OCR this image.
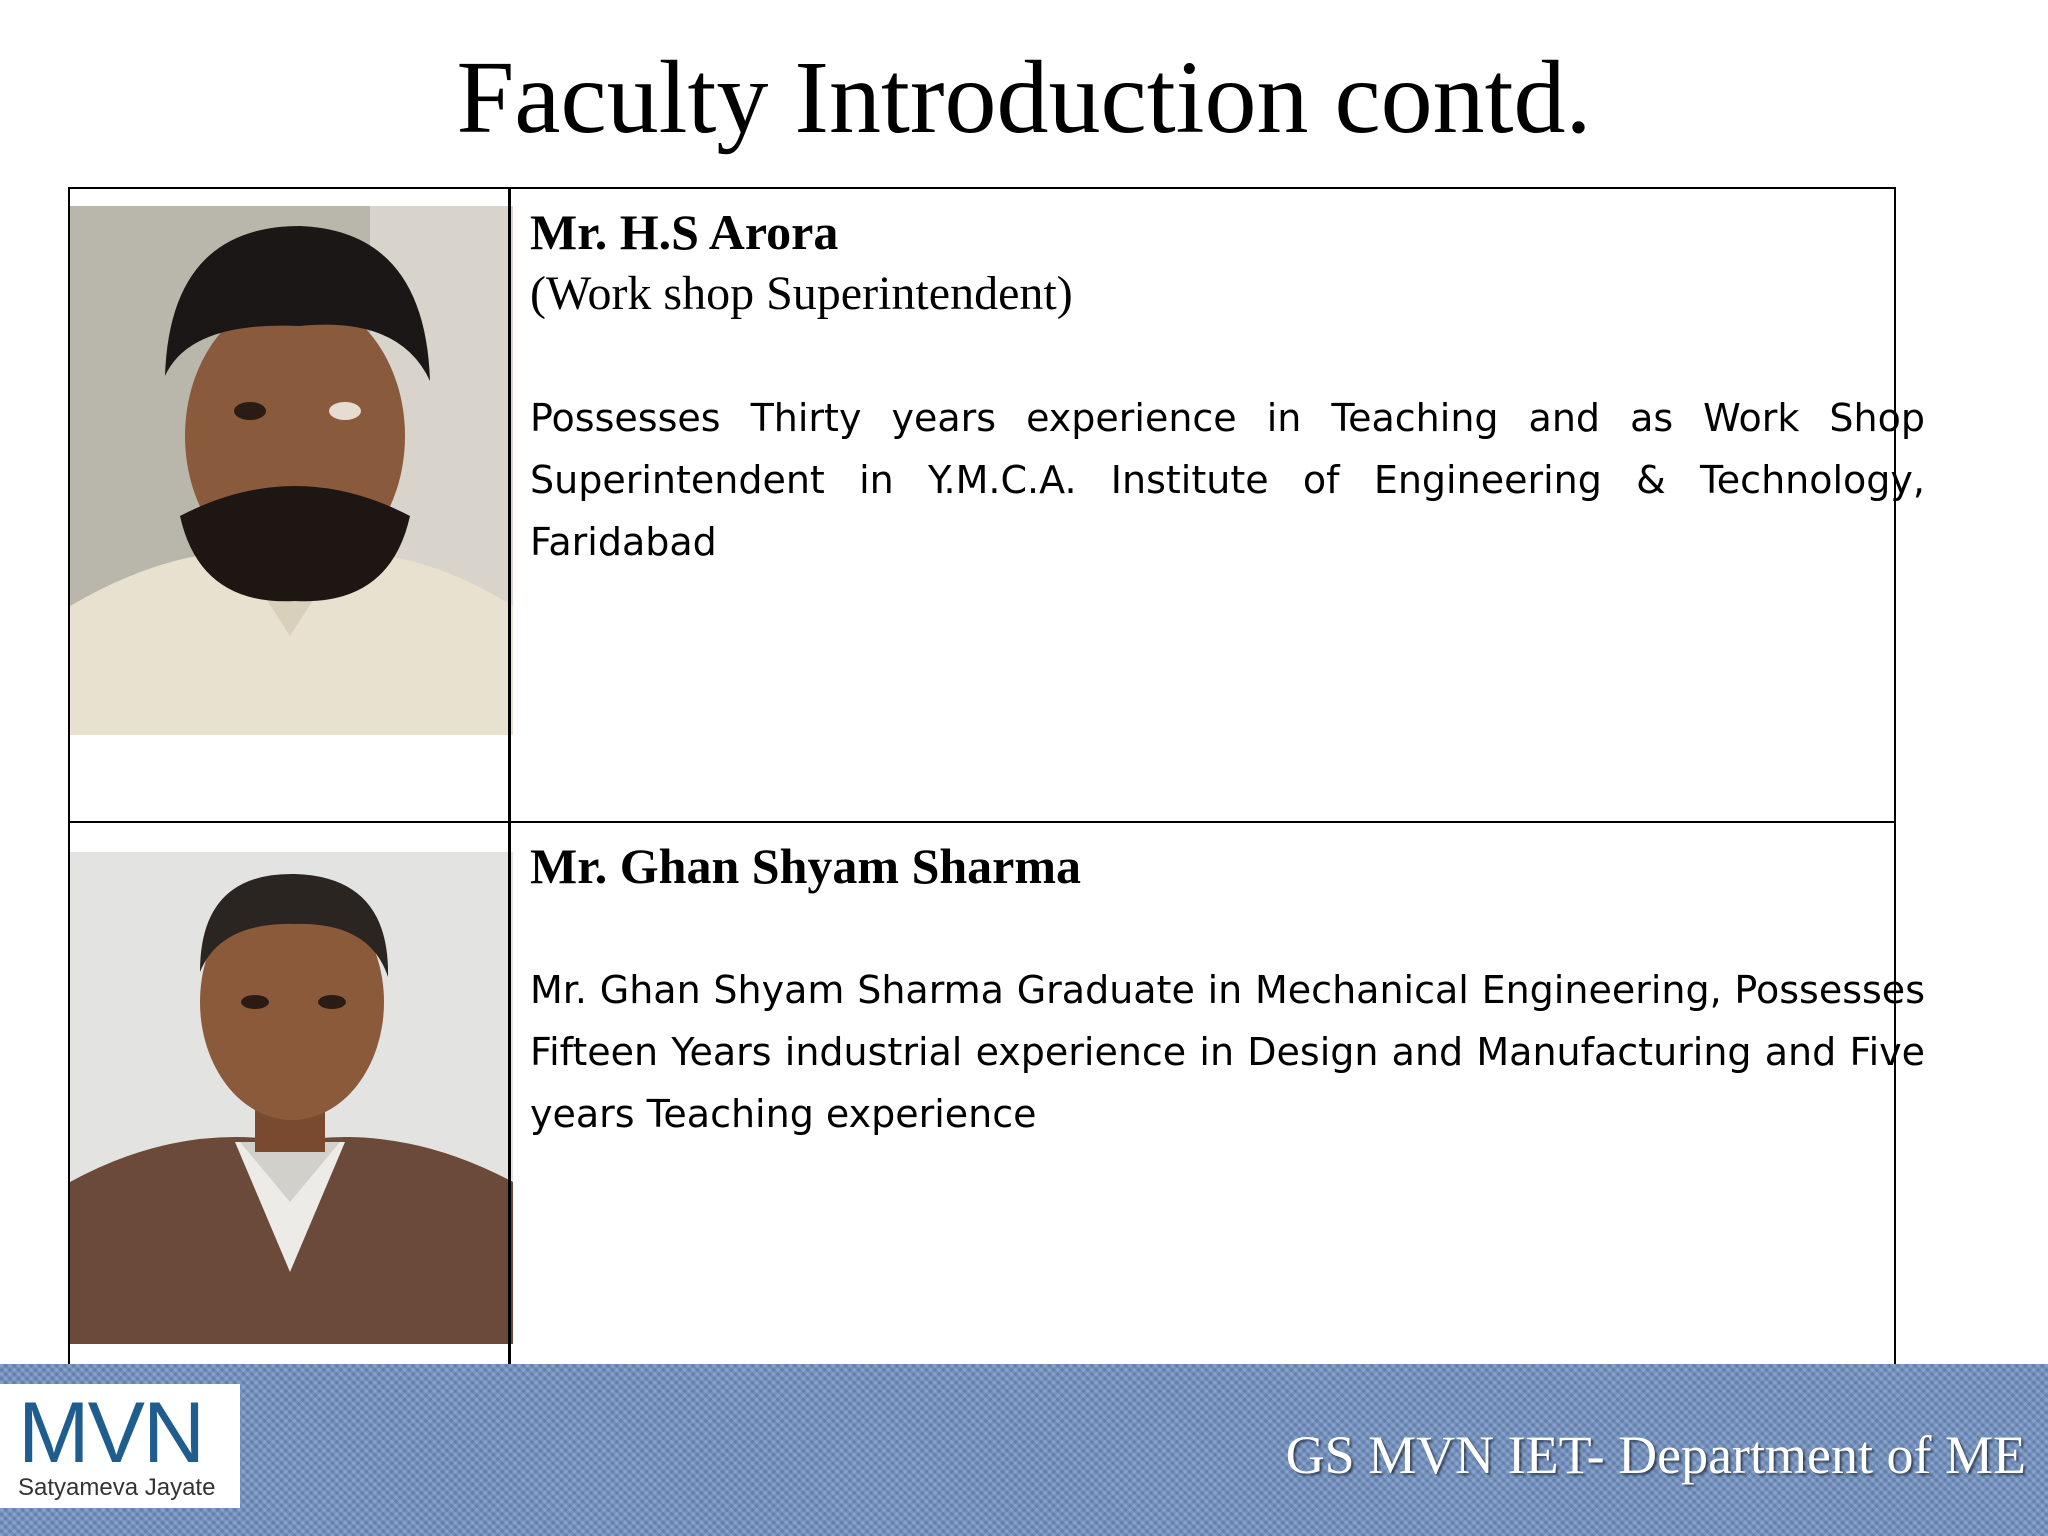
Faculty Introduction contd.
Mr. H.S Arora
(Work shop Superintendent)
Possesses Thirty years experience in Teaching and as Work Shop Superintendent in Y.M.C.A. Institute of Engineering & Technology, Faridabad
Mr. Ghan Shyam Sharma
Mr. Ghan Shyam Sharma Graduate in Mechanical Engineering, Possesses Fifteen Years industrial experience in Design and Manufacturing and Five years Teaching experience
MVN
Satyameva Jayate
GS MVN IET- Department of ME
